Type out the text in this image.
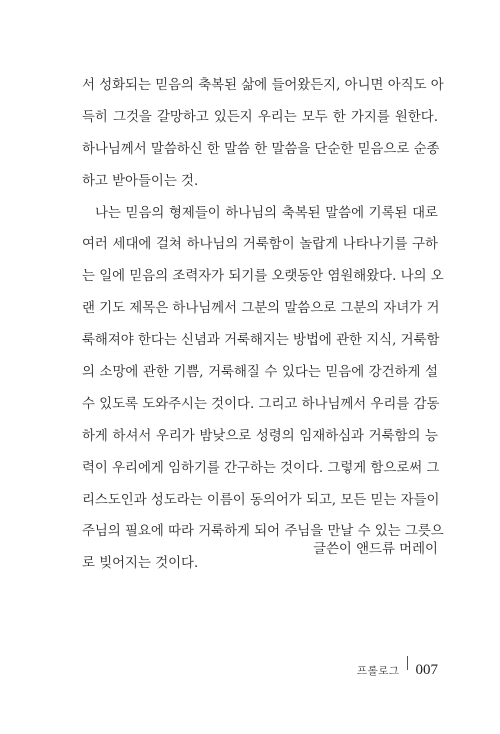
서 성화되는 믿음의 축복된 삶에 들어왔든지, 아니면 아직도 아
득히 그것을 갈망하고 있든지 우리는 모두 한 가지를 원한다.
하나님께서 말씀하신 한 말씀 한 말씀을 단순한 믿음으로 순종
하고 받아들이는 것.
나는 믿음의 형제들이 하나님의 축복된 말씀에 기록된 대로
여러 세대에 걸쳐 하나님의 거룩함이 놀랍게 나타나기를 구하
는 일에 믿음의 조력자가 되기를 오랫동안 염원해왔다. 나의 오
랜 기도 제목은 하나님께서 그분의 말씀으로 그분의 자녀가 거
룩해져야 한다는 신념과 거룩해지는 방법에 관한 지식, 거룩함
의 소망에 관한 기쁨, 거룩해질 수 있다는 믿음에 강건하게 설
수 있도록 도와주시는 것이다. 그리고 하나님께서 우리를 감동
하게 하셔서 우리가 밤낮으로 성령의 임재하심과 거룩함의 능
력이 우리에게 임하기를 간구하는 것이다. 그렇게 함으로써 그
리스도인과 성도라는 이름이 동의어가 되고, 모든 믿는 자들이
주님의 필요에 따라 거룩하게 되어 주님을 만날 수 있는 그릇으
로 빚어지는 것이다.
글쓴이 앤드류 머레이
프롤로그 007
